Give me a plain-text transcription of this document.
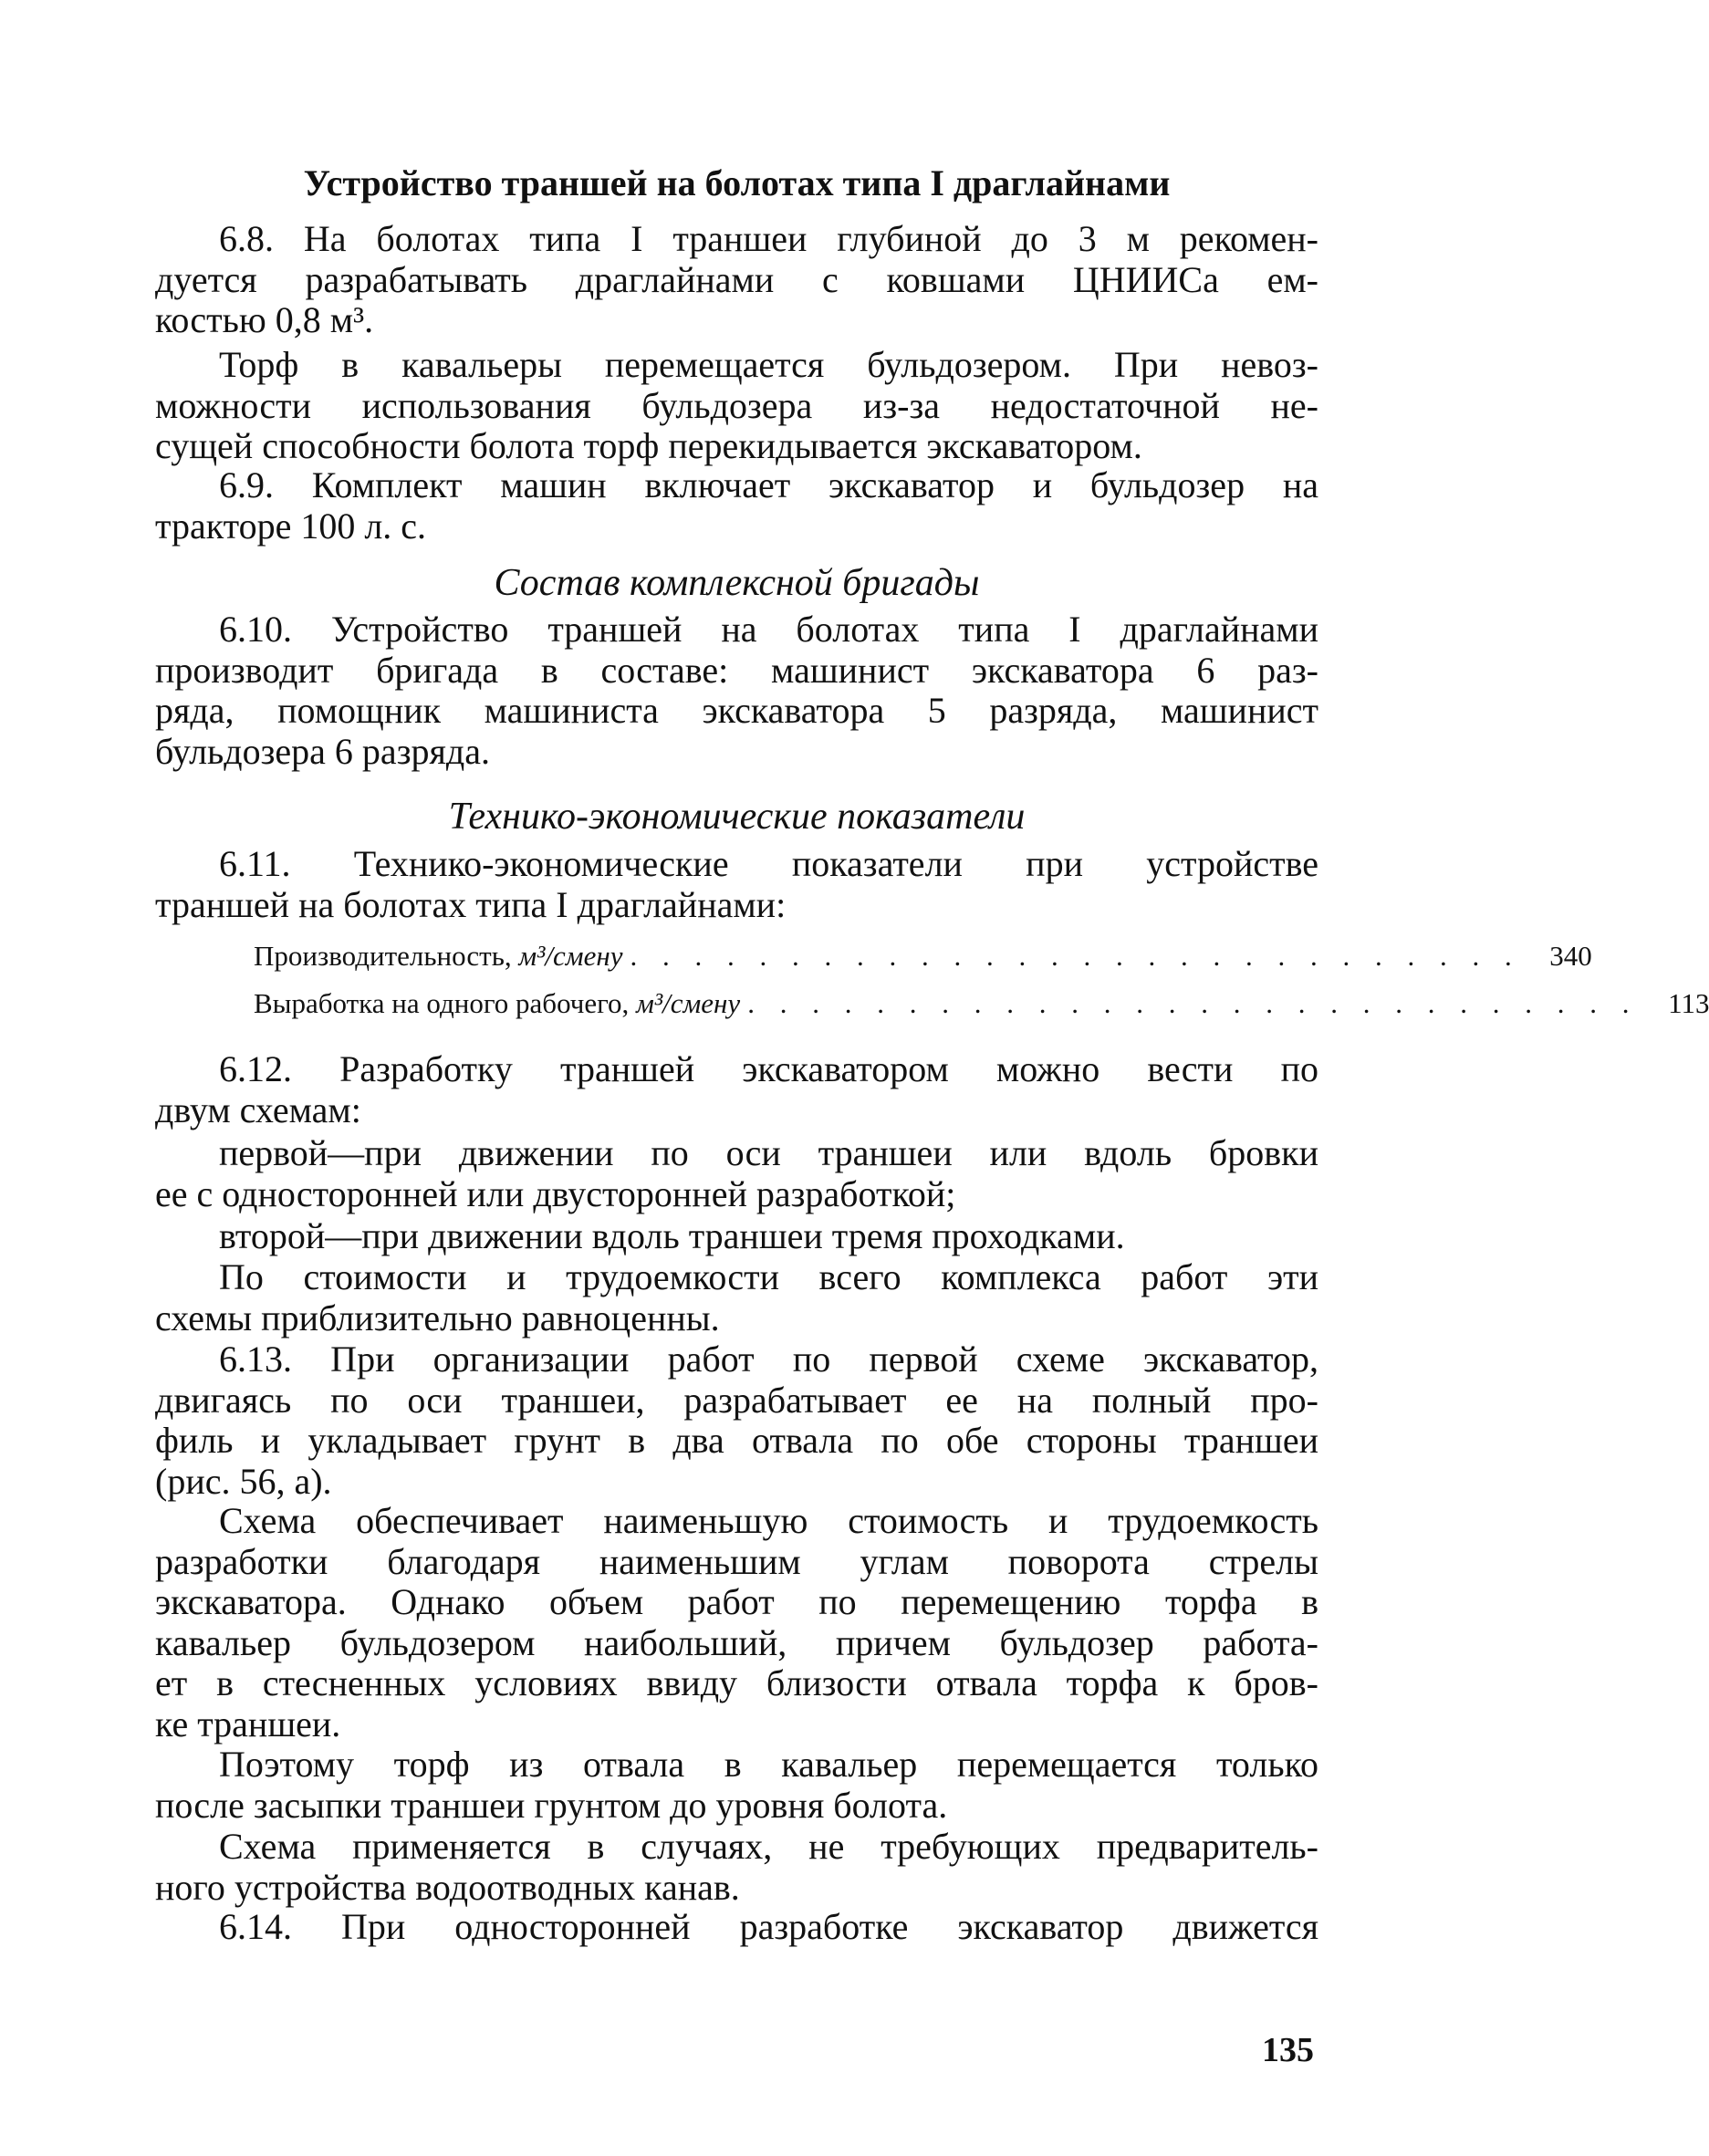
Устройство траншей на болотах типа I драглайнами
6.8. На болотах типа I траншеи глубиной до 3 м рекомен-
дуется разрабатывать драглайнами с ковшами ЦНИИСа ем-
костью 0,8 м³.
Торф в кавальеры перемещается бульдозером. При невоз-
можности использования бульдозера из-за недостаточной не-
сущей способности болота торф перекидывается экскаватором.
6.9. Комплект машин включает экскаватор и бульдозер на
тракторе 100 л. с.
Состав комплексной бригады
6.10. Устройство траншей на болотах типа I драглайнами
производит бригада в составе: машинист экскаватора 6 раз-
ряда, помощник машиниста экскаватора 5 разряда, машинист
бульдозера 6 разряда.
Технико-экономические показатели
6.11. Технико-экономические показатели при устройстве
траншей на болотах типа I драглайнами:
Производительность, м³/смену . . . . . . . . . . . . . . . . . . . . . . . . . . . .	340
Выработка на одного рабочего, м³/смену . . . . . . . . . . . . . . . . . . . . . . . . . . . .	113
6.12. Разработку траншей экскаватором можно вести по
двум схемам:
первой—при движении по оси траншеи или вдоль бровки
ее с односторонней или двусторонней разработкой;
второй—при движении вдоль траншеи тремя проходками.
По стоимости и трудоемкости всего комплекса работ эти
схемы приблизительно равноценны.
6.13. При организации работ по первой схеме экскаватор,
двигаясь по оси траншеи, разрабатывает ее на полный про-
филь и укладывает грунт в два отвала по обе стороны траншеи
(рис. 56, а).
Схема обеспечивает наименьшую стоимость и трудоемкость
разработки благодаря наименьшим углам поворота стрелы
экскаватора. Однако объем работ по перемещению торфа в
кавальер бульдозером наибольший, причем бульдозер работа-
ет в стесненных условиях ввиду близости отвала торфа к бров-
ке траншеи.
Поэтому торф из отвала в кавальер перемещается только
после засыпки траншеи грунтом до уровня болота.
Схема применяется в случаях, не требующих предваритель-
ного устройства водоотводных канав.
6.14. При односторонней разработке экскаватор движется
135
